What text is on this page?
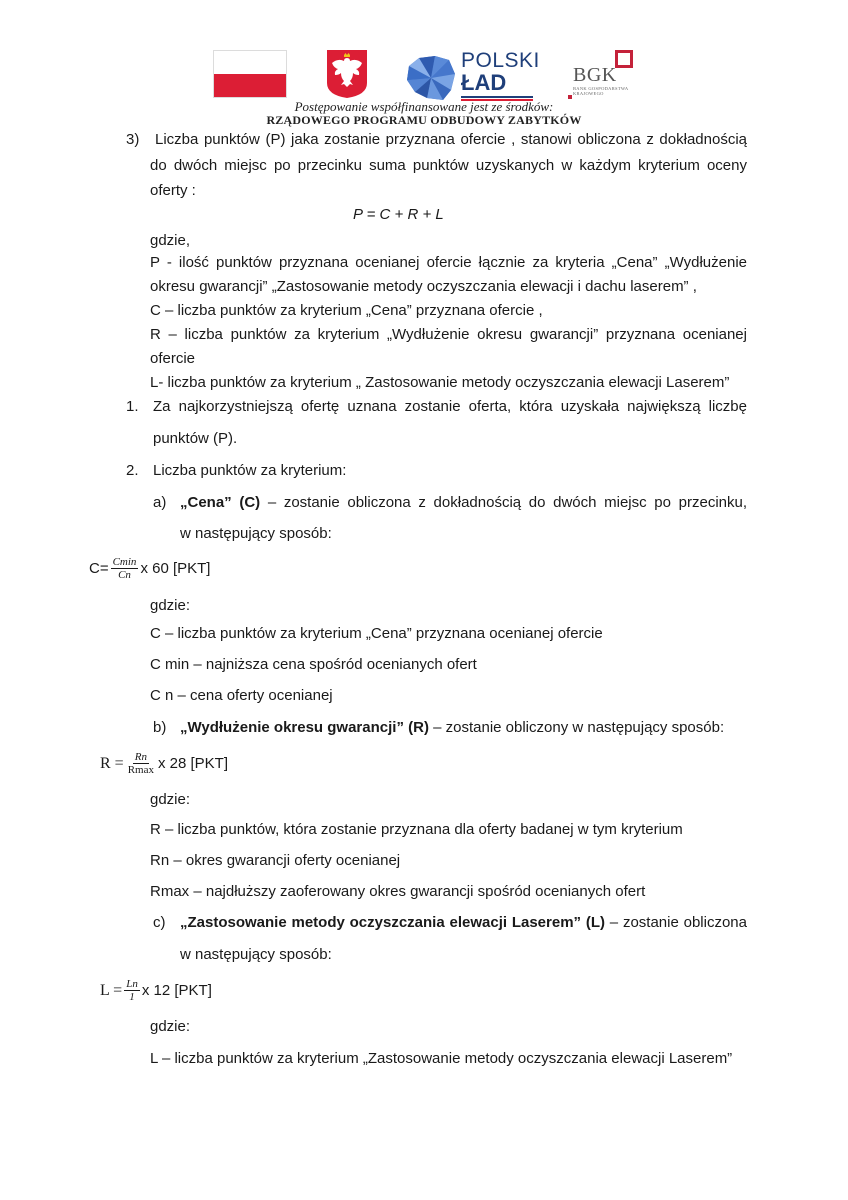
POLSKI
ŁAD	BGK
BANK GOSPODARSTWA
KRAJOWEGO
Postępowanie współfinansowane jest ze środków:
RZĄDOWEGO PROGRAMU ODBUDOWY ZABYTKÓW
3) Liczba punktów (P) jaka zostanie przyznana ofercie , stanowi obliczona z dokładnością
do dwóch miejsc po przecinku suma punktów uzyskanych w każdym kryterium oceny
oferty :
P = C + R + L
gdzie,
P - ilość punktów przyznana ocenianej ofercie łącznie za kryteria „Cena” „Wydłużenie
okresu gwarancji” „Zastosowanie metody oczyszczania elewacji i dachu laserem” ,
C – liczba punktów za kryterium „Cena” przyznana ofercie ,
R – liczba punktów za kryterium „Wydłużenie okresu gwarancji” przyznana ocenianej
ofercie
L- liczba punktów za kryterium „ Zastosowanie metody oczyszczania elewacji Laserem”
1. Za najkorzystniejszą ofertę uznana zostanie oferta, która uzyskała największą liczbę
punktów (P).
2. Liczba punktów za kryterium:
a) „Cena” (C) – zostanie obliczona z dokładnością do dwóch miejsc po przecinku,
w następujący sposób:
$C= \frac{Cmin}{Cn}$ x 60 [PKT]
gdzie:
C – liczba punktów za kryterium „Cena” przyznana ocenianej ofercie
C min – najniższa cena spośród ocenianych ofert
C n – cena oferty ocenianej
b) „Wydłużenie okresu gwarancji” (R) – zostanie obliczony w następujący sposób:
$R = \frac{Rn}{Rmax}$ x 28 [PKT]
gdzie:
R – liczba punktów, która zostanie przyznana dla oferty badanej w tym kryterium
Rn – okres gwarancji oferty ocenianej
Rmax – najdłuższy zaoferowany okres gwarancji spośród ocenianych ofert
c) „Zastosowanie metody oczyszczania elewacji Laserem” (L) – zostanie obliczona
w następujący sposób:
$L = \frac{Ln}{1}$ x 12 [PKT]
gdzie:
L – liczba punktów za kryterium „Zastosowanie metody oczyszczania elewacji Laserem”
